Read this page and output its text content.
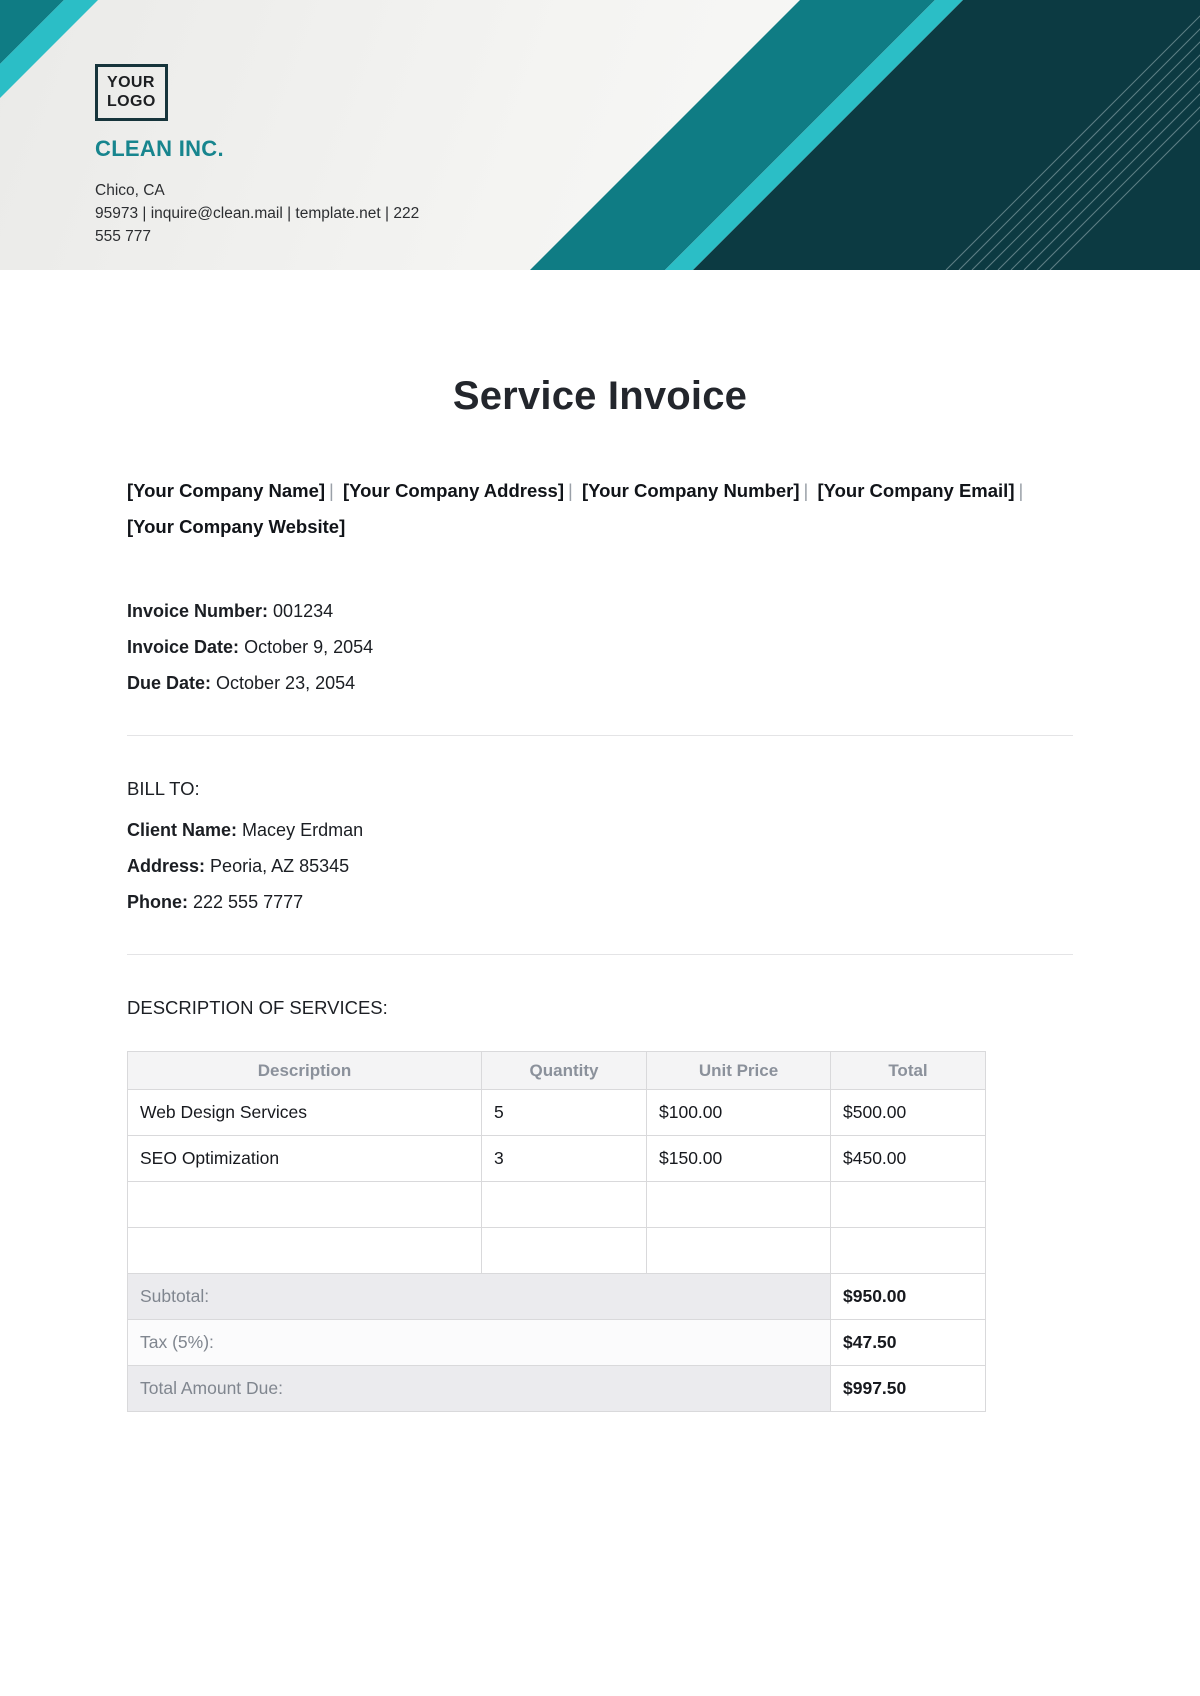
YOUR
LOGO
CLEAN INC.
Chico, CA
95973 | inquire@clean.mail | template.net | 222
555 777
Service Invoice

[Your Company Name] | [Your Company Address] | [Your Company Number] | [Your Company Email] | [Your Company Website]

Invoice Number: 001234

Invoice Date: October 9, 2054

Due Date: October 23, 2054

BILL TO:

Client Name: Macey Erdman

Address: Peoria, AZ 85345

Phone: 222 555 7777

DESCRIPTION OF SERVICES:

Description	Quantity	Unit Price	Total
Web Design Services	5	$100.00	$500.00
SEO Optimization	3	$150.00	$450.00

Subtotal:			$950.00
Tax (5%):			$47.50
Total Amount Due:			$997.50
